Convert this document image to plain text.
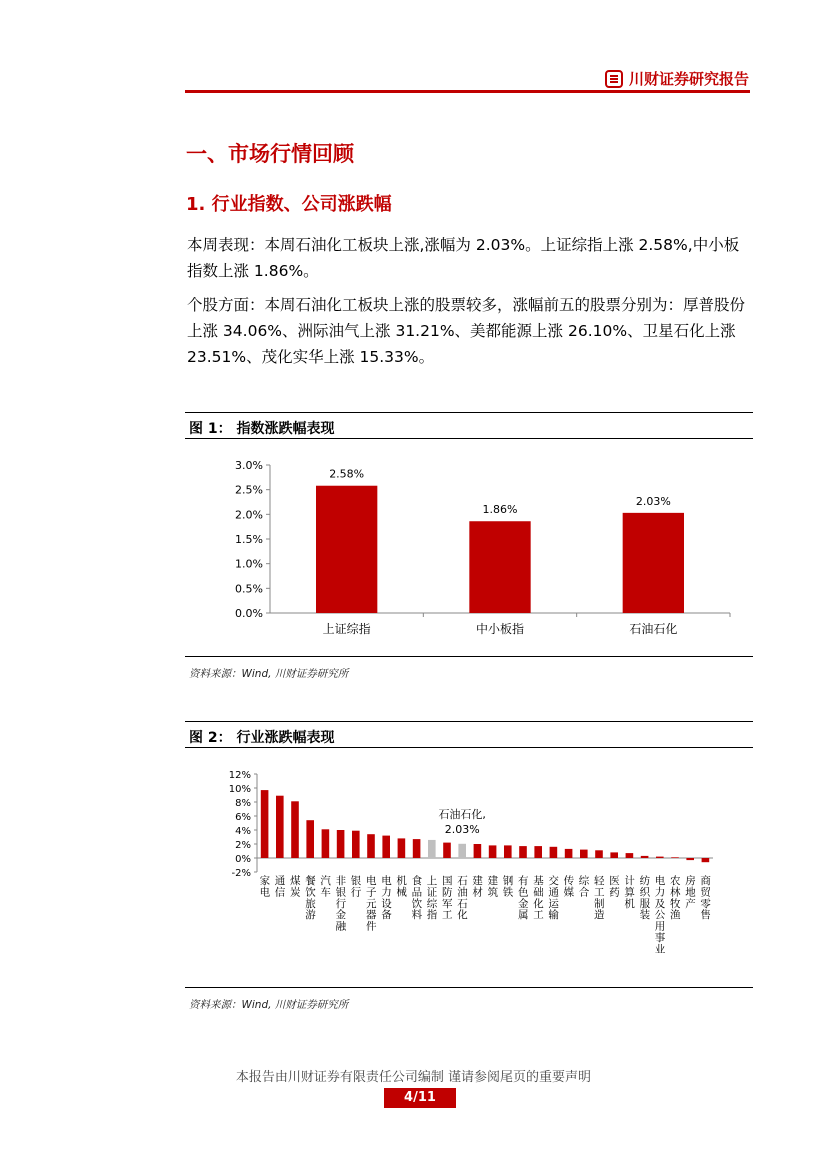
川财证券研究报告
一、市场行情回顾
1. 行业指数、公司涨跌幅
本周表现：本周石油化工板块上涨,涨幅为 2.03%。上证综指上涨 2.58%,中小板指数上涨 1.86%。
个股方面：本周石油化工板块上涨的股票较多，涨幅前五的股票分别为：厚普股份上涨 34.06%、洲际油气上涨 31.21%、美都能源上涨 26.10%、卫星石化上涨 23.51%、茂化实华上涨 15.33%。
图 1： 指数涨跌幅表现
0.0%
0.5%
1.0%
1.5%
2.0%
2.5%
3.0%
2.58%
上证综指
1.86%
中小板指
2.03%
石油石化
资料来源：Wind, 川财证券研究所
图 2： 行业涨跌幅表现
-2%
0%
2%
4%
6%
8%
10%
12%
家电
通信
煤炭
餐饮旅游
汽车
非银行金融
银行
电子元器件
电力设备
机械
食品饮料
上证综指
国防军工
石油石化
建材
建筑
钢铁
有色金属
基础化工
交通运输
传媒
综合
轻工制造
医药
计算机
纺织服装
电力及公用事业
农林牧渔
房地产
商贸零售
石油石化,
2.03%
资料来源：Wind, 川财证券研究所
本报告由川财证券有限责任公司编制 谨请参阅尾页的重要声明
4/11
